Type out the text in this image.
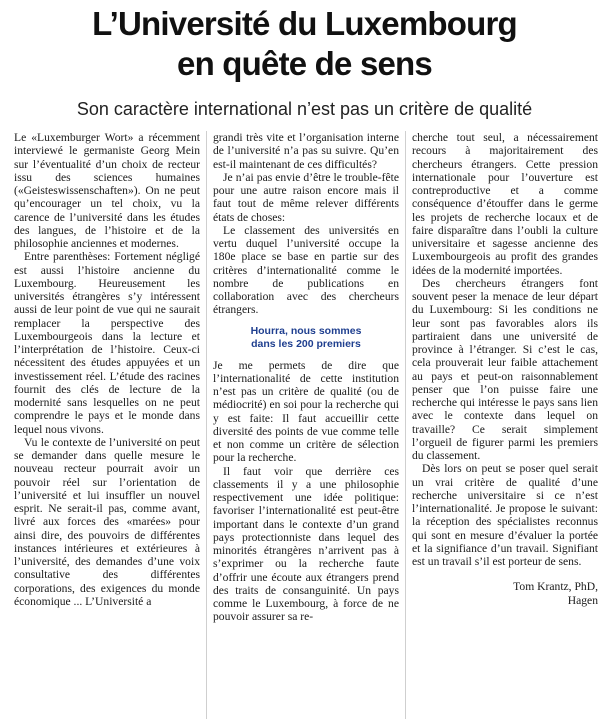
L’Université du Luxembourg
en quête de sens
Son caractère international n’est pas un critère de qualité

Le «Luxemburger Wort» a récemment interviewé le germaniste Georg Mein sur l’éventualité d’un choix de recteur issu des sciences humaines («Geisteswissenschaften»). On ne peut qu’encourager un tel choix, vu la carence de l’université dans les études des langues, de l’histoire et de la philosophie anciennes et modernes.

Entre parenthèses: Fortement négligé est aussi l’histoire ancienne du Luxembourg. Heureusement les universités étrangères s’y intéressent aussi de leur point de vue qui ne saurait remplacer la perspective des Luxembourgeois dans la lecture et l’interprétation de l’histoire. Ceux-ci nécessitent des études appuyées et un investissement réel. L’étude des racines fournit des clés de lecture de la modernité sans lesquelles on ne peut comprendre le pays et le monde dans lequel nous vivons.

Vu le contexte de l’université on peut se demander dans quelle mesure le nouveau recteur pourrait avoir un pouvoir réel sur l’orientation de l’université et lui insuffler un nouvel esprit. Ne serait-il pas, comme avant, livré aux forces des «marées» pour ainsi dire, des pouvoirs de différentes instances intérieures et extérieures à l’université, des demandes d’une voix consultative des différentes corporations, des exigences du monde économique ... L’Université a

grandi très vite et l’organisation interne de l’université n’a pas su suivre. Qu’en est-il maintenant de ces difficultés?

Je n’ai pas envie d’être le trouble-fête pour une autre raison encore mais il faut tout de même relever différents états de choses:

Le classement des universités en vertu duquel l’université occupe la 180e place se base en partie sur des critères d’internationalité comme le nombre de publications en collaboration avec des chercheurs étrangers.

Hourra, nous sommes
dans les 200 premiers

Je me permets de dire que l’internationalité de cette institution n’est pas un critère de qualité (ou de médiocrité) en soi pour la recherche qui y est faite: Il faut accueillir cette diversité des points de vue comme telle et non comme un critère de sélection pour la recherche.

Il faut voir que derrière ces classements il y a une philosophie respectivement une idée politique: favoriser l’internationalité est peut-être important dans le contexte d’un grand pays protectionniste dans lequel des minorités étrangères n’arrivent pas à s’exprimer ou la recherche faute d’offrir une écoute aux étrangers prend des traits de consanguinité. Un pays comme le Luxembourg, à force de ne pouvoir assurer sa re-

cherche tout seul, a nécessairement recours à majoritairement des chercheurs étrangers. Cette pression internationale pour l’ouverture est contreproductive et a comme conséquence d’étouffer dans le germe les projets de recherche locaux et de faire disparaître dans l’oubli la culture universitaire et sagesse ancienne des Luxembourgeois au profit des grandes idées de la modernité importées.

Des chercheurs étrangers font souvent peser la menace de leur départ du Luxembourg: Si les conditions ne leur sont pas favorables alors ils partiraient dans une université de province à l’étranger. Si c’est le cas, cela prouverait leur faible attachement au pays et peut-on raisonnablement penser que l’on puisse faire une recherche qui intéresse le pays sans lien avec le contexte dans lequel on travaille? Ce serait simplement l’orgueil de figurer parmi les premiers du classement.

Dès lors on peut se poser quel serait un vrai critère de qualité d’une recherche universitaire si ce n’est l’internationalité. Je propose le suivant: la réception des spécialistes reconnus qui sont en mesure d’évaluer la portée et la signifiance d’un travail. Signifiant est un travail s’il est porteur de sens.

Tom Krantz, PhD,
Hagen
